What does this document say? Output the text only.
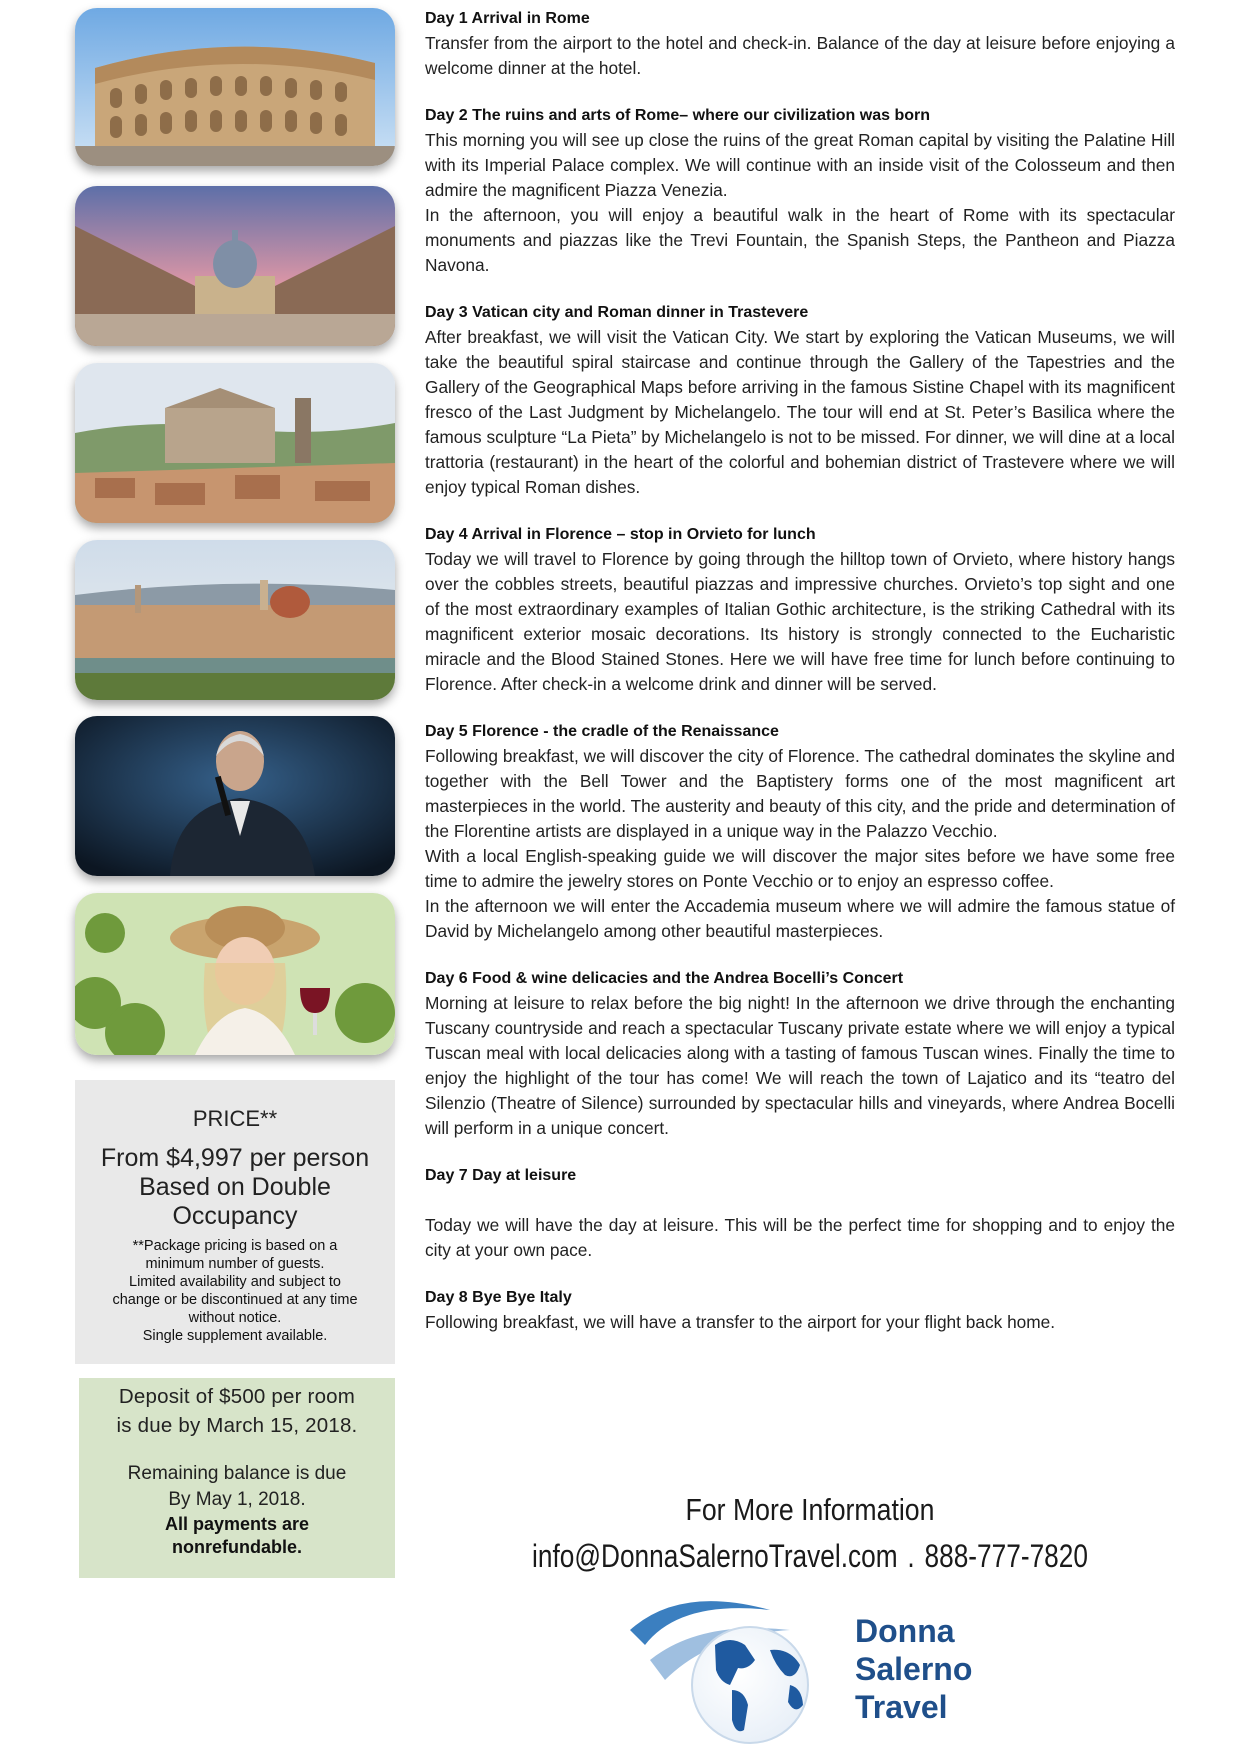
PRICE**
From $4,997 per person
Based on Double
Occupancy
**Package pricing is based on a
minimum number of guests.
Limited availability and subject to
change or be discontinued at any time
without notice.
Single supplement available.
Deposit of $500 per room
is due by March 15, 2018.
Remaining balance is due
By May 1, 2018.
All payments are
nonrefundable.
Day 1 Arrival in Rome

Transfer from the airport to the hotel and check-in. Balance of the day at leisure before enjoying a welcome dinner at the hotel.

Day 2 The ruins and arts of Rome– where our civilization was born

This morning you will see up close the ruins of the great Roman capital by visiting the Palatine Hill with its Imperial Palace complex. We will continue with an inside visit of the Colosseum and then admire the magnificent Piazza Venezia.

In the afternoon, you will enjoy a beautiful walk in the heart of Rome with its spectacular monuments and piazzas like the Trevi Fountain, the Spanish Steps, the Pantheon and Piazza Navona.

Day 3 Vatican city and Roman dinner in Trastevere

After breakfast, we will visit the Vatican City. We start by exploring the Vatican Museums, we will take the beautiful spiral staircase and continue through the Gallery of the Tapestries and the Gallery of the Geographical Maps before arriving in the famous Sistine Chapel with its magnificent fresco of the Last Judgment by Michelangelo. The tour will end at St. Peter’s Basilica where the famous sculpture “La Pieta” by Michelangelo is not to be missed. For dinner, we will dine at a local trattoria (restaurant) in the heart of the colorful and bohemian district of Trastevere where we will enjoy typical Roman dishes.

Day 4 Arrival in Florence – stop in Orvieto for lunch

Today we will travel to Florence by going through the hilltop town of Orvieto, where history hangs over the cobbles streets, beautiful piazzas and impressive churches. Orvieto’s top sight and one of the most extraordinary examples of Italian Gothic architecture, is the striking Cathedral with its magnificent exterior mosaic decorations. Its history is strongly connected to the Eucharistic miracle and the Blood Stained Stones. Here we will have free time for lunch before continuing to Florence. After check-in a welcome drink and dinner will be served.

Day 5 Florence - the cradle of the Renaissance

Following breakfast, we will discover the city of Florence. The cathedral dominates the skyline and together with the Bell Tower and the Baptistery forms one of the most magnificent art masterpieces in the world. The austerity and beauty of this city, and the pride and determination of the Florentine artists are displayed in a unique way in the Palazzo Vecchio.

With a local English-speaking guide we will discover the major sites before we have some free time to admire the jewelry stores on Ponte Vecchio or to enjoy an espresso coffee.

In the afternoon we will enter the Accademia museum where we will admire the famous statue of David by Michelangelo among other beautiful masterpieces.

Day 6 Food & wine delicacies and the Andrea Bocelli’s Concert

Morning at leisure to relax before the big night! In the afternoon we drive through the enchanting Tuscany countryside and reach a spectacular Tuscany private estate where we will enjoy a typical Tuscan meal with local delicacies along with a tasting of famous Tuscan wines. Finally the time to enjoy the highlight of the tour has come! We will reach the town of Lajatico and its “teatro del Silenzio (Theatre of Silence) surrounded by spectacular hills and vineyards, where Andrea Bocelli will perform in a unique concert.

Day 7 Day at leisure

Today we will have the day at leisure. This will be the perfect time for shopping and to enjoy the city at your own pace.

Day 8 Bye Bye Italy

Following breakfast, we will have a transfer to the airport for your flight back home.

For More Information
info@DonnaSalernoTravel.com . 888-777-7820
Donna
Salerno
Travel
